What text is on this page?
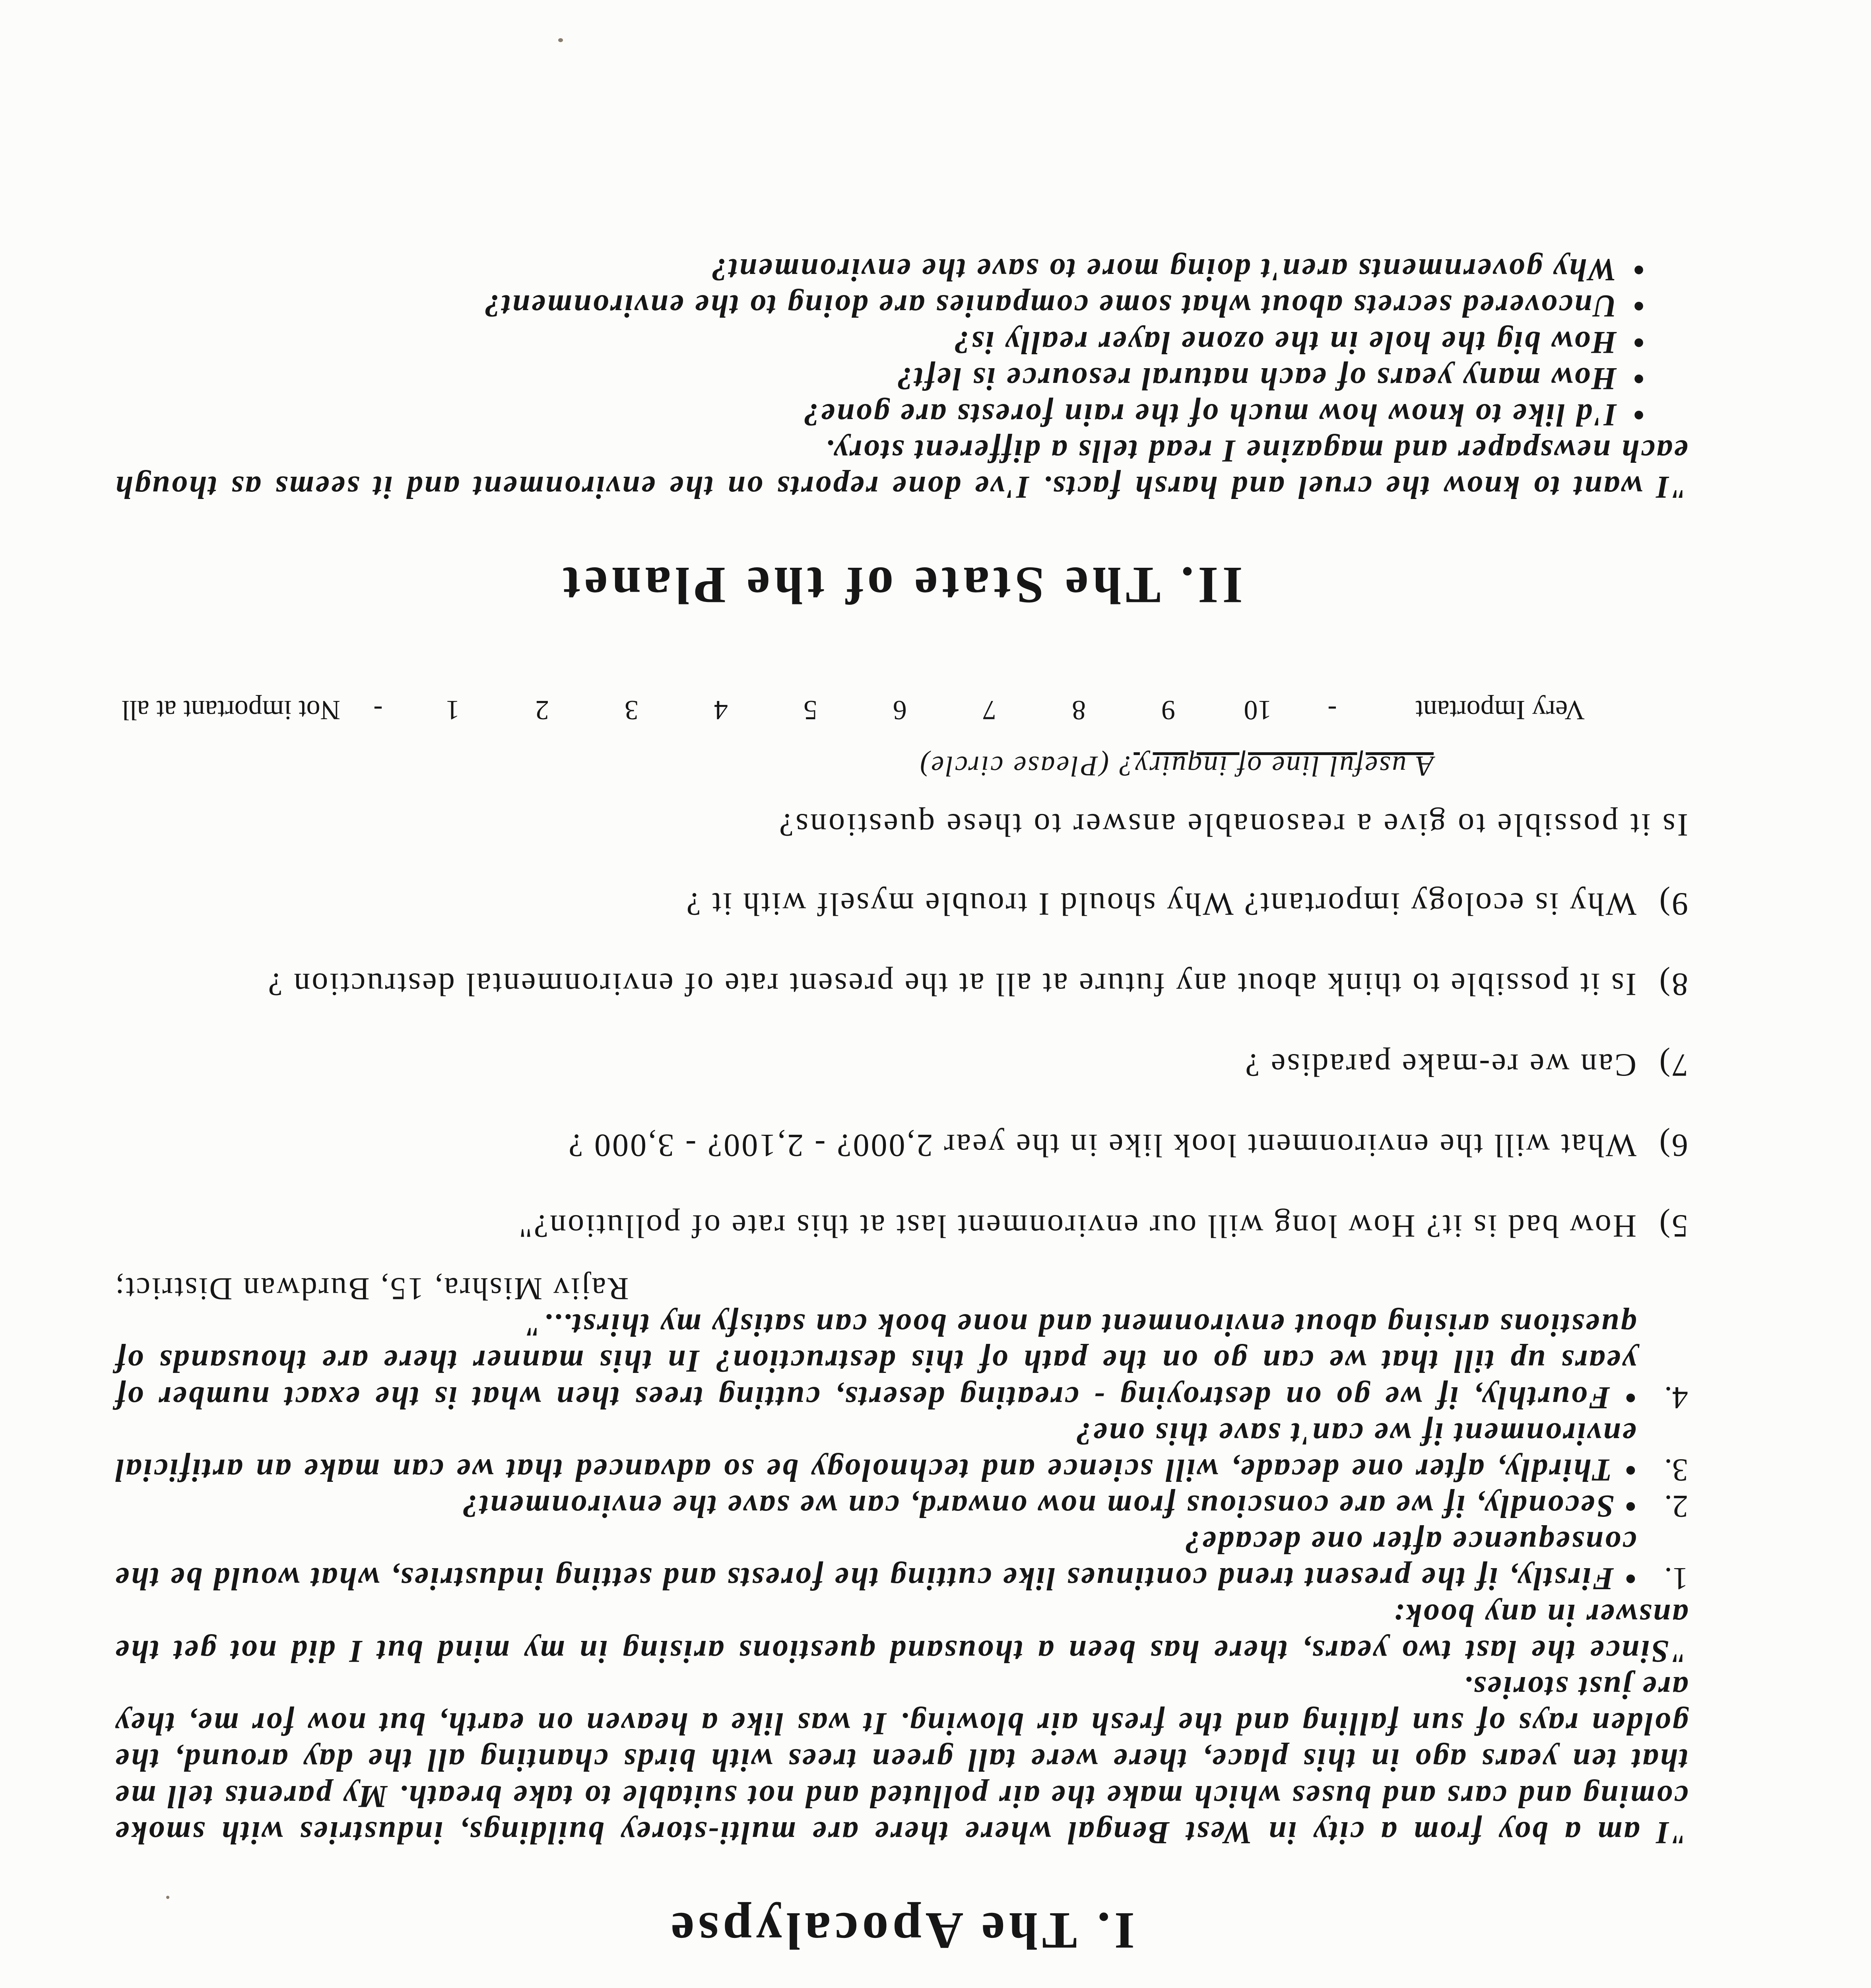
I. The Apocalypse

"I am a boy from a city in West Bengal where there are multi-storey buildings, industries with smoke coming and cars and buses which make the air polluted and not suitable to take breath. My parents tell me that ten years ago in this place, there were tall green trees with birds chanting all the day around, the golden rays of sun falling and the fresh air blowing. It was like a heaven on earth, but now for me, they are just stories.

"Since the last two years, there has been a thousand questions arising in my mind but I did not get the answer in any book:

1.
• Firstly, if the present trend continues like cutting the forests and setting industries, what would be the consequence after one decade?
2.
• Secondly, if we are conscious from now onward, can we save the environment?
3.
• Thirdly, after one decade, will science and technology be so advanced that we can make an artificial environment if we can't save this one?
4.
• Fourthly, if we go on destroying - creating deserts, cutting trees then what is the exact number of years up till that we can go on the path of this destruction? In this manner there are thousands of questions arising about environment and none book can satisfy my thirst..."
Rajiv Mishra, 15, Burdwan District;
5)
How bad is it? How long will our environment last at this rate of pollution?"
6)
What will the environment look like in the year 2,000? - 2,100? - 3,000 ?
7)
Can we re-make paradise ?
8)
Is it possible to think about any future at all at the present rate of environmental destruction ?
9)
Why is ecology important? Why should I trouble myself with it ?
Is it possible to give a reasonable answer to these questions?
A useful line of inquiry? (Please circle)
Very Important
-
10
9
8
7
6
5
4
3
2
1
-
Not important at all
II. The State of the Planet

"I want to know the cruel and harsh facts. I've done reports on the environment and it seems as though each newspaper and magazine I read tells a different story.

•
I'd like to know how much of the rain forests are gone?
•
How many years of each natural resource is left?
•
How big the hole in the ozone layer really is?
•
Uncovered secrets about what some companies are doing to the environment?
•
Why governments aren't doing more to save the environment?
